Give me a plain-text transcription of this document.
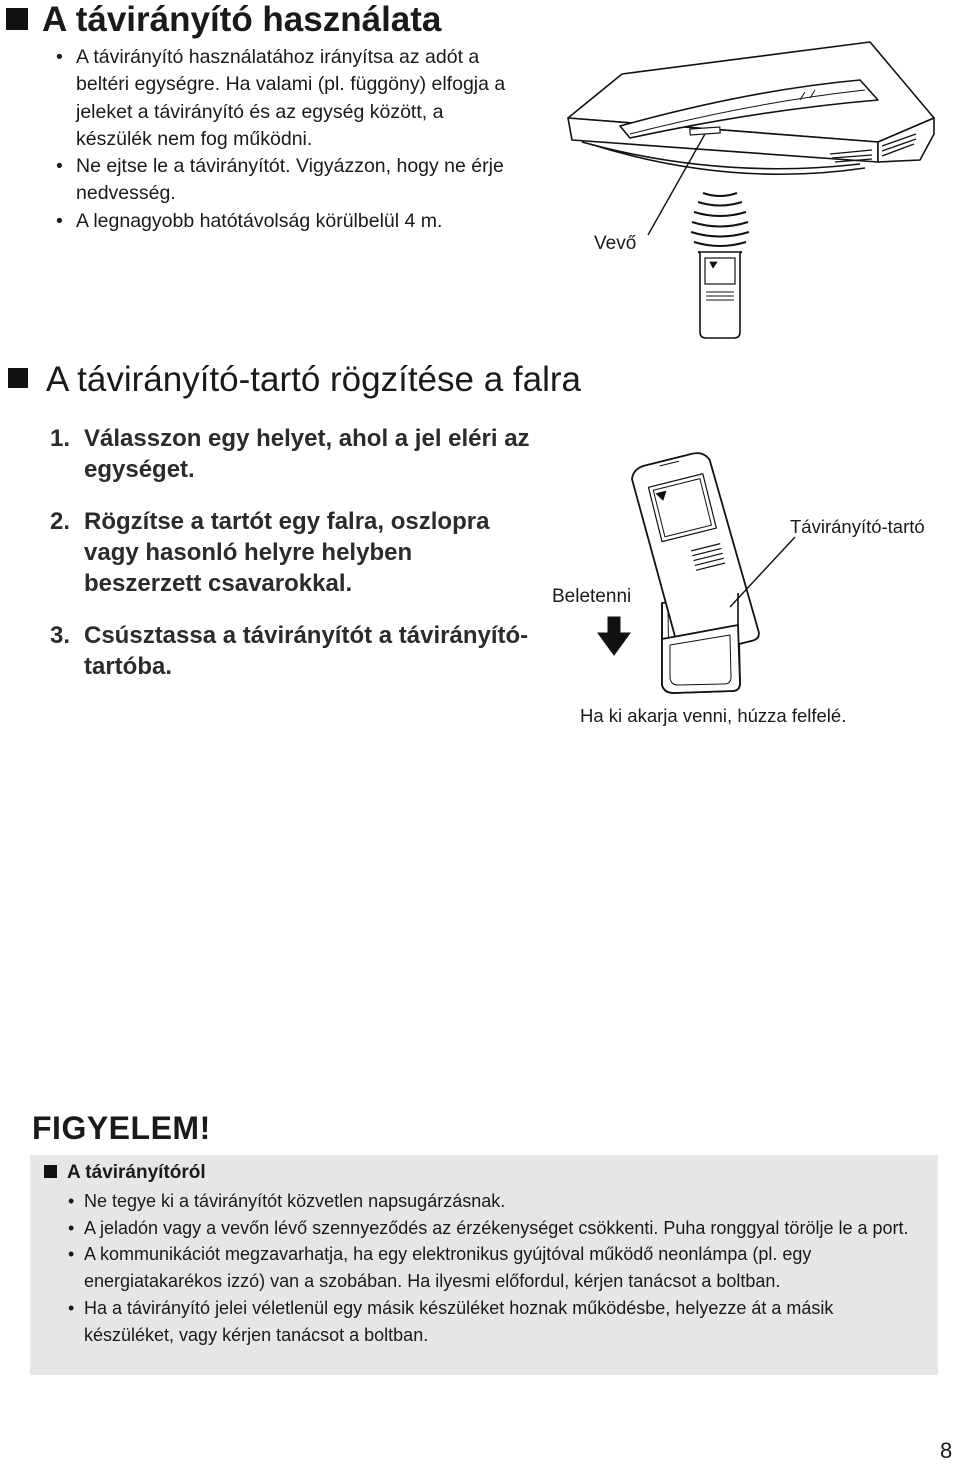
A távirányító használata
• A távirányító használatához irányítsa az adót a beltéri egységre. Ha valami (pl. függöny) elfogja a jeleket a távirányító és az egység között, a készülék nem fog működni.
• Ne ejtse le a távirányítót. Vigyázzon, hogy ne érje nedvesség.
• A legnagyobb hatótávolság körülbelül 4 m.
Vevő
A távirányító-tartó rögzítése a falra
1. Válasszon egy helyet, ahol a jel eléri az egységet.
2. Rögzítse a tartót egy falra, oszlopra vagy hasonló helyre helyben beszerzett csavarokkal.
3. Csúsztassa a távirányítót a távirányító-tartóba.
Távirányító-tartó
Beletenni
Ha ki akarja venni, húzza felfelé.
FIGYELEM!
A távirányítóról
• Ne tegye ki a távirányítót közvetlen napsugárzásnak.
• A jeladón vagy a vevőn lévő szennyeződés az érzékenységet csökkenti. Puha ronggyal törölje le a port.
• A kommunikációt megzavarhatja, ha egy elektronikus gyújtóval működő neonlámpa (pl. egy energiatakarékos izzó) van a szobában. Ha ilyesmi előfordul, kérjen tanácsot a boltban.
• Ha a távirányító jelei véletlenül egy másik készüléket hoznak működésbe, helyezze át a másik készüléket, vagy kérjen tanácsot a boltban.
8
